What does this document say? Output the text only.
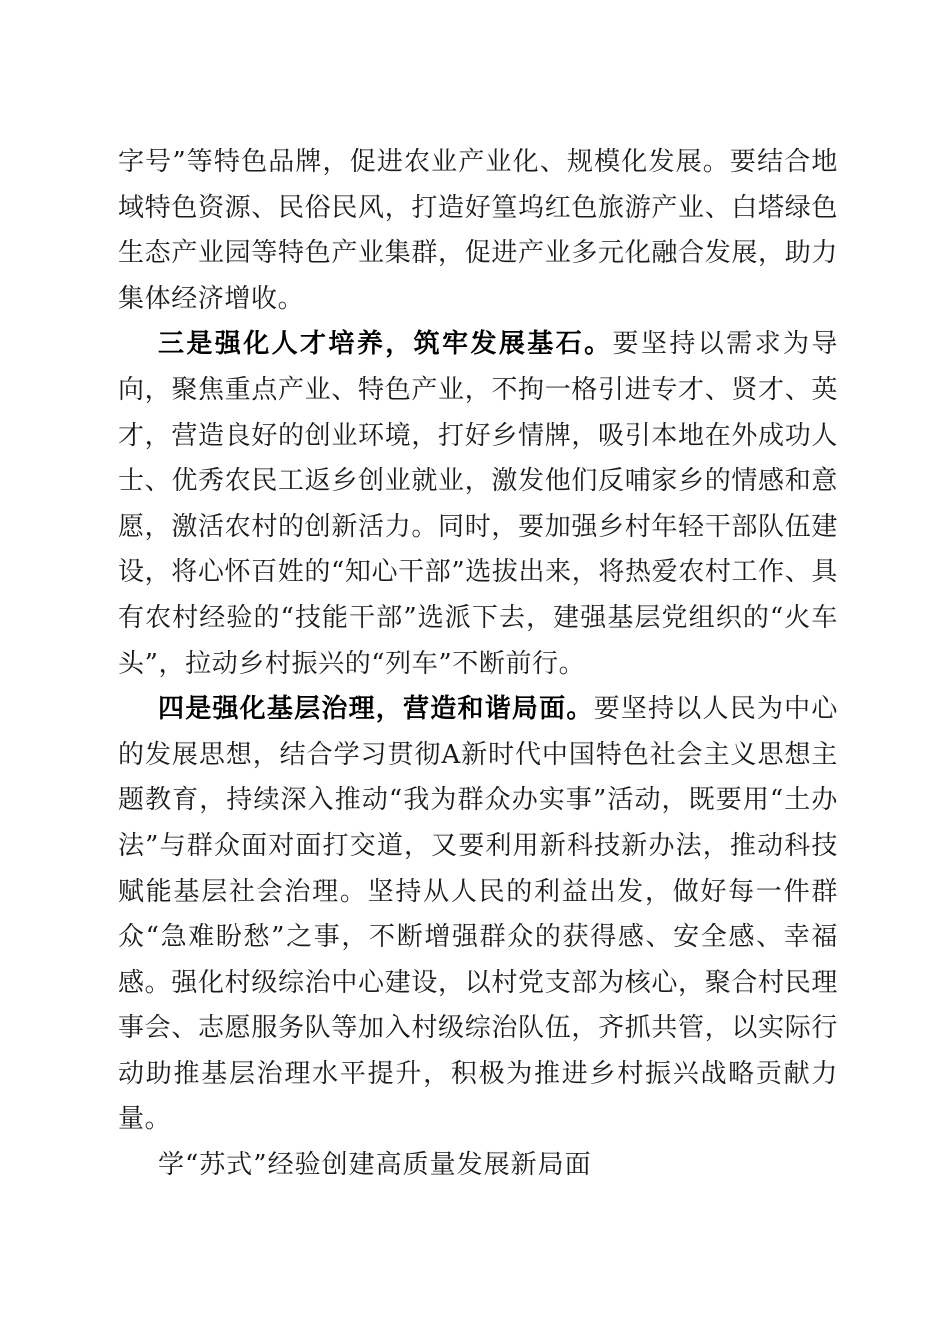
字号”等特色品牌，促进农业产业化、规模化发展。要结合地域特色资源、民俗民风，打造好篁坞红色旅游产业、白塔绿色生态产业园等特色产业集群，促进产业多元化融合发展，助力集体经济增收。

三是强化人才培养，筑牢发展基石。要坚持以需求为导向，聚焦重点产业、特色产业，不拘一格引进专才、贤才、英才，营造良好的创业环境，打好乡情牌，吸引本地在外成功人士、优秀农民工返乡创业就业，激发他们反哺家乡的情感和意愿，激活农村的创新活力。同时，要加强乡村年轻干部队伍建设，将心怀百姓的“知心干部”选拔出来，将热爱农村工作、具有农村经验的“技能干部”选派下去，建强基层党组织的“火车头”，拉动乡村振兴的“列车”不断前行。

四是强化基层治理，营造和谐局面。要坚持以人民为中心的发展思想，结合学习贯彻A新时代中国特色社会主义思想主题教育，持续深入推动“我为群众办实事”活动，既要用“土办法”与群众面对面打交道，又要利用新科技新办法，推动科技赋能基层社会治理。坚持从人民的利益出发，做好每一件群众“急难盼愁”之事，不断增强群众的获得感、安全感、幸福感。强化村级综治中心建设，以村党支部为核心，聚合村民理事会、志愿服务队等加入村级综治队伍，齐抓共管，以实际行动助推基层治理水平提升，积极为推进乡村振兴战略贡献力量。

学“苏式”经验创建高质量发展新局面
